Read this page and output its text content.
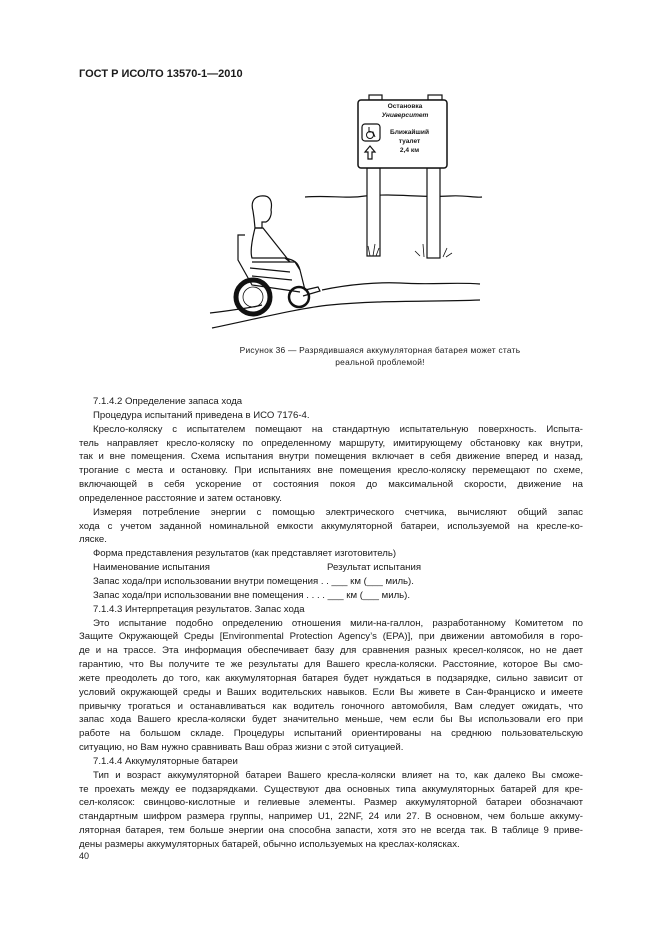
ГОСТ Р ИСО/ТО 13570-1—2010
Остановка
Университет
Ближайший
туалет
2,4 км
Рисунок 36 — Разрядившаяся аккумуляторная батарея может стать
реальной проблемой!
7.1.4.2 Определение запаса хода
Процедура испытаний приведена в ИСО 7176-4.
Кресло-коляску с испытателем помещают на стандартную испытательную поверхность. Испыта-
тель направляет кресло-коляску по определенному маршруту, имитирующему обстановку как внутри,
так и вне помещения. Схема испытания внутри помещения включает в себя движение вперед и назад,
трогание с места и остановку. При испытаниях вне помещения кресло-коляску перемещают по схеме,
включающей в себя ускорение от состояния покоя до максимальной скорости, движение на
определенное расстояние и затем остановку.
Измеряя потребление энергии с помощью электрического счетчика, вычисляют общий запас
хода с учетом заданной номинальной емкости аккумуляторной батареи, используемой на кресле-ко-
ляске.
Форма представления результатов (как представляет изготовитель)
Наименование испытания	Результат испытания
Запас хода/при использовании внутри помещения . . ___ км (___ миль).
Запас хода/при использовании вне помещения . . . . ___ км (___ миль).
7.1.4.3 Интерпретация результатов. Запас хода
Это испытание подобно определению отношения мили-на-галлон, разработанному Комитетом по
Защите Окружающей Среды [Environmental Protection Agency’s (EPA)], при движении автомобиля в горо-
де и на трассе. Эта информация обеспечивает базу для сравнения разных кресел-колясок, но не дает
гарантию, что Вы получите те же результаты для Вашего кресла-коляски. Расстояние, которое Вы смо-
жете преодолеть до того, как аккумуляторная батарея будет нуждаться в подзарядке, сильно зависит от
условий окружающей среды и Ваших водительских навыков. Если Вы живете в Сан-Франциско и имеете
привычку трогаться и останавливаться как водитель гоночного автомобиля, Вам следует ожидать, что
запас хода Вашего кресла-коляски будет значительно меньше, чем если бы Вы использовали его при
работе на большом складе. Процедуры испытаний ориентированы на среднюю пользовательскую
ситуацию, но Вам нужно сравнивать Ваш образ жизни с этой ситуацией.
7.1.4.4 Аккумуляторные батареи
Тип и возраст аккумуляторной батареи Вашего кресла-коляски влияет на то, как далеко Вы сможе-
те проехать между ее подзарядками. Существуют два основных типа аккумуляторных батарей для кре-
сел-колясок: свинцово-кислотные и гелиевые элементы. Размер аккумуляторной батареи обозначают
стандартным шифром размера группы, например U1, 22NF, 24 или 27. В основном, чем больше аккуму-
ляторная батарея, тем больше энергии она способна запасти, хотя это не всегда так. В таблице 9 приве-
дены размеры аккумуляторных батарей, обычно используемых на креслах-колясках.
40
